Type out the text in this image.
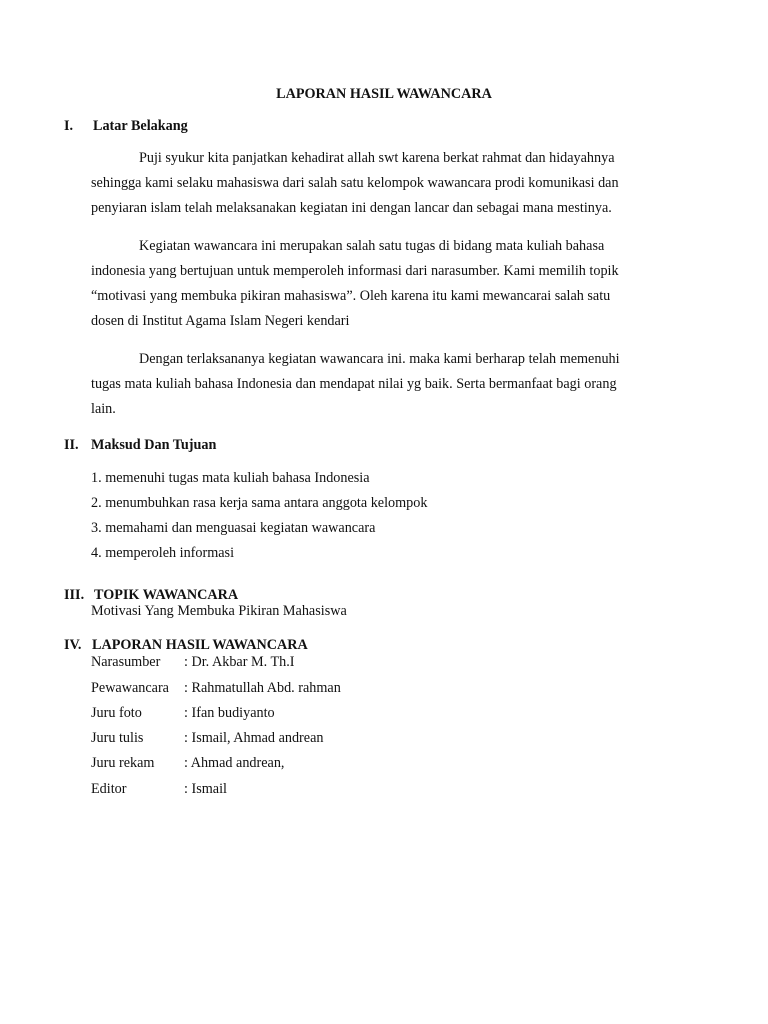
LAPORAN HASIL WAWANCARA
I. Latar Belakang
Puji syukur kita panjatkan kehadirat allah swt karena berkat rahmat dan hidayahnya
sehingga kami selaku mahasiswa dari salah satu kelompok wawancara prodi komunikasi dan
penyiaran islam telah melaksanakan kegiatan ini dengan lancar dan sebagai mana mestinya.
Kegiatan wawancara ini merupakan salah satu tugas di bidang mata kuliah bahasa
indonesia yang bertujuan untuk memperoleh informasi dari narasumber. Kami memilih topik
“motivasi yang membuka pikiran mahasiswa”. Oleh karena itu kami mewancarai salah satu
dosen di Institut Agama Islam Negeri kendari
Dengan terlaksananya kegiatan wawancara ini. maka kami berharap telah memenuhi
tugas mata kuliah bahasa Indonesia dan mendapat nilai yg baik. Serta bermanfaat bagi orang
lain.
II. Maksud Dan Tujuan
1. memenuhi tugas mata kuliah bahasa Indonesia
2. menumbuhkan rasa kerja sama antara anggota kelompok
3. memahami dan menguasai kegiatan wawancara
4. memperoleh informasi
III. TOPIK WAWANCARA
Motivasi Yang Membuka Pikiran Mahasiswa
IV. LAPORAN HASIL WAWANCARA
Narasumber : Dr. Akbar M. Th.I
Pewawancara : Rahmatullah Abd. rahman
Juru foto	: Ifan budiyanto
Juru tulis	: Ismail, Ahmad andrean
Juru rekam : Ahmad andrean,
Editor	: Ismail
